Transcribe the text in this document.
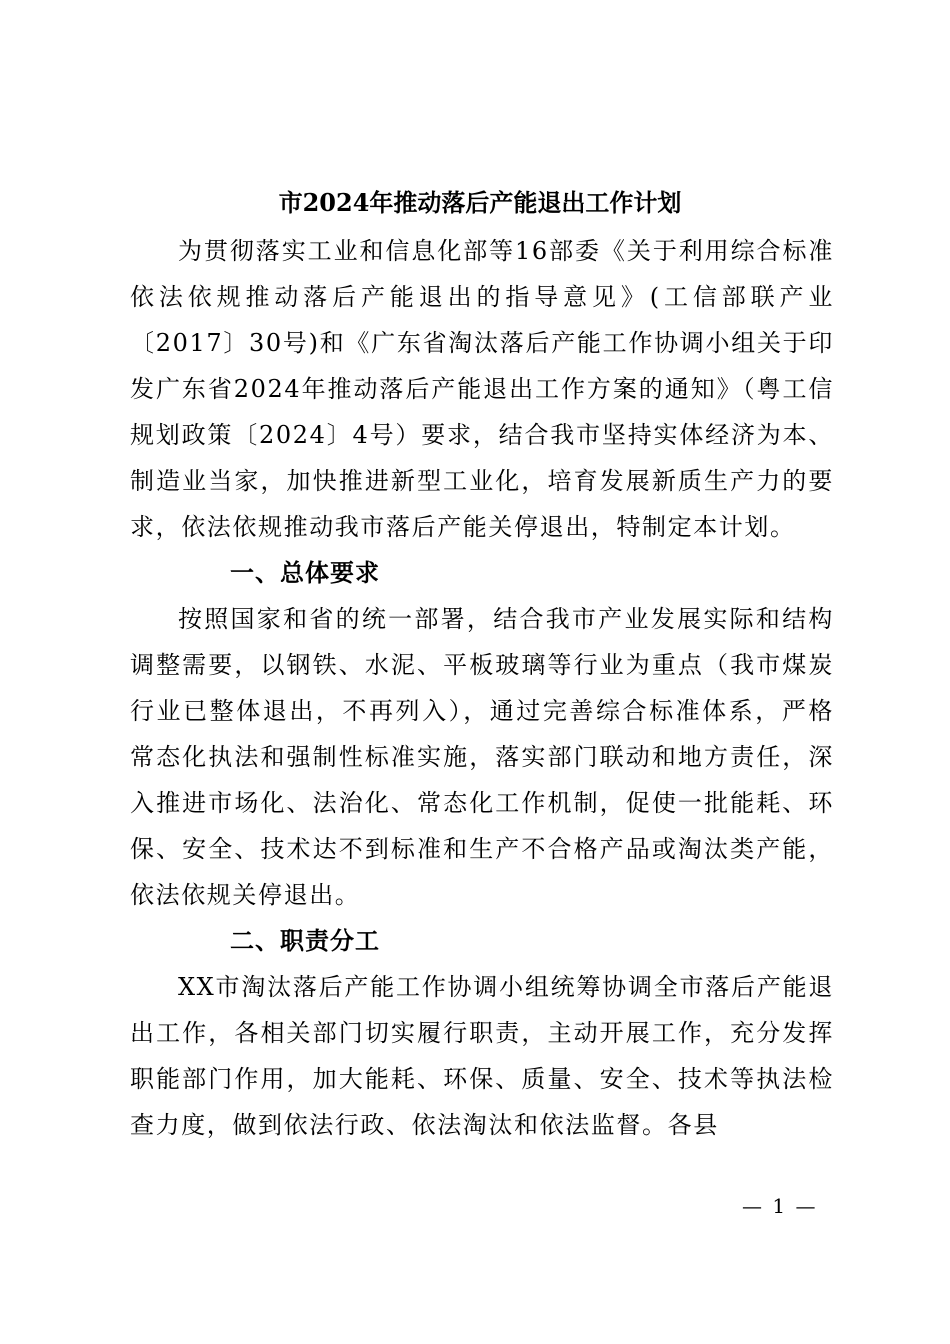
市2024年推动落后产能退出工作计划

为贯彻落实工业和信息化部等16部委《关于利用综合标准依法依规推动落后产能退出的指导意见》(工信部联产业〔2017〕30号)和《广东省淘汰落后产能工作协调小组关于印发广东省2024年推动落后产能退出工作方案的通知》（粤工信规划政策〔2024〕4号）要求，结合我市坚持实体经济为本、制造业当家，加快推进新型工业化，培育发展新质生产力的要求，依法依规推动我市落后产能关停退出，特制定本计划。

一、总体要求

按照国家和省的统一部署，结合我市产业发展实际和结构调整需要，以钢铁、水泥、平板玻璃等行业为重点（我市煤炭行业已整体退出，不再列入），通过完善综合标准体系，严格常态化执法和强制性标准实施，落实部门联动和地方责任，深入推进市场化、法治化、常态化工作机制，促使一批能耗、环保、安全、技术达不到标准和生产不合格产品或淘汰类产能，依法依规关停退出。

二、职责分工

XX市淘汰落后产能工作协调小组统筹协调全市落后产能退出工作，各相关部门切实履行职责，主动开展工作，充分发挥职能部门作用，加大能耗、环保、质量、安全、技术等执法检查力度，做到依法行政、依法淘汰和依法监督。各县

— 1 —
